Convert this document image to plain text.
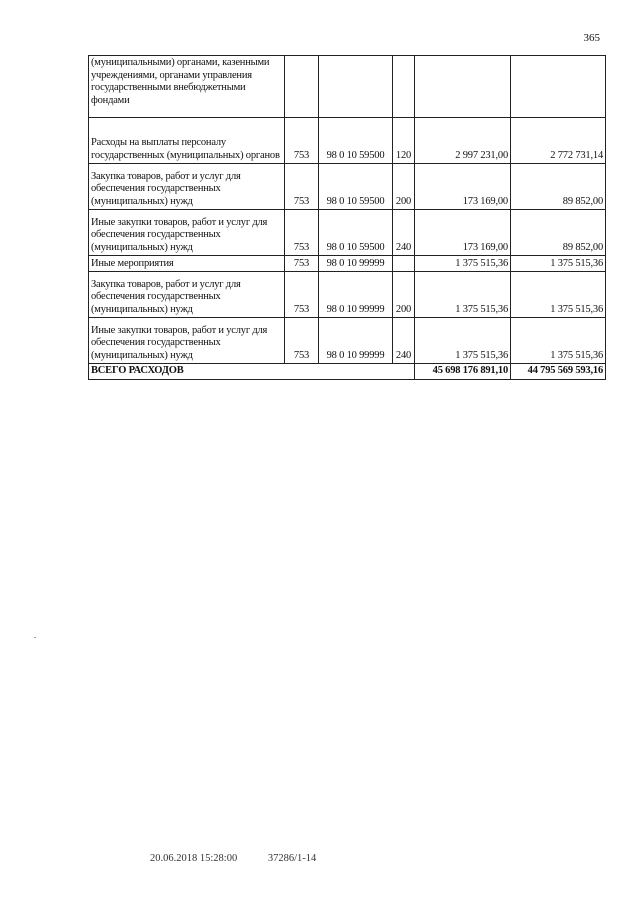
365
(муниципальными) органами, казенными учреждениями, органами управления государственными внебюджетными фондами					
Расходы на выплаты персоналу государственных (муниципальных) органов	753	98 0 10 59500	120	2 997 231,00	2 772 731,14
Закупка товаров, работ и услуг для обеспечения государственных (муниципальных) нужд	753	98 0 10 59500	200	173 169,00	89 852,00
Иные закупки товаров, работ и услуг для обеспечения государственных (муниципальных) нужд	753	98 0 10 59500	240	173 169,00	89 852,00
Иные мероприятия	753	98 0 10 99999		1 375 515,36	1 375 515,36
Закупка товаров, работ и услуг для обеспечения государственных (муниципальных) нужд	753	98 0 10 99999	200	1 375 515,36	1 375 515,36
Иные закупки товаров, работ и услуг для обеспечения государственных (муниципальных) нужд	753	98 0 10 99999	240	1 375 515,36	1 375 515,36
ВСЕГО РАСХОДОВ				45 698 176 891,10	44 795 569 593,16
20.06.2018 15:28:00	37286/1-14
